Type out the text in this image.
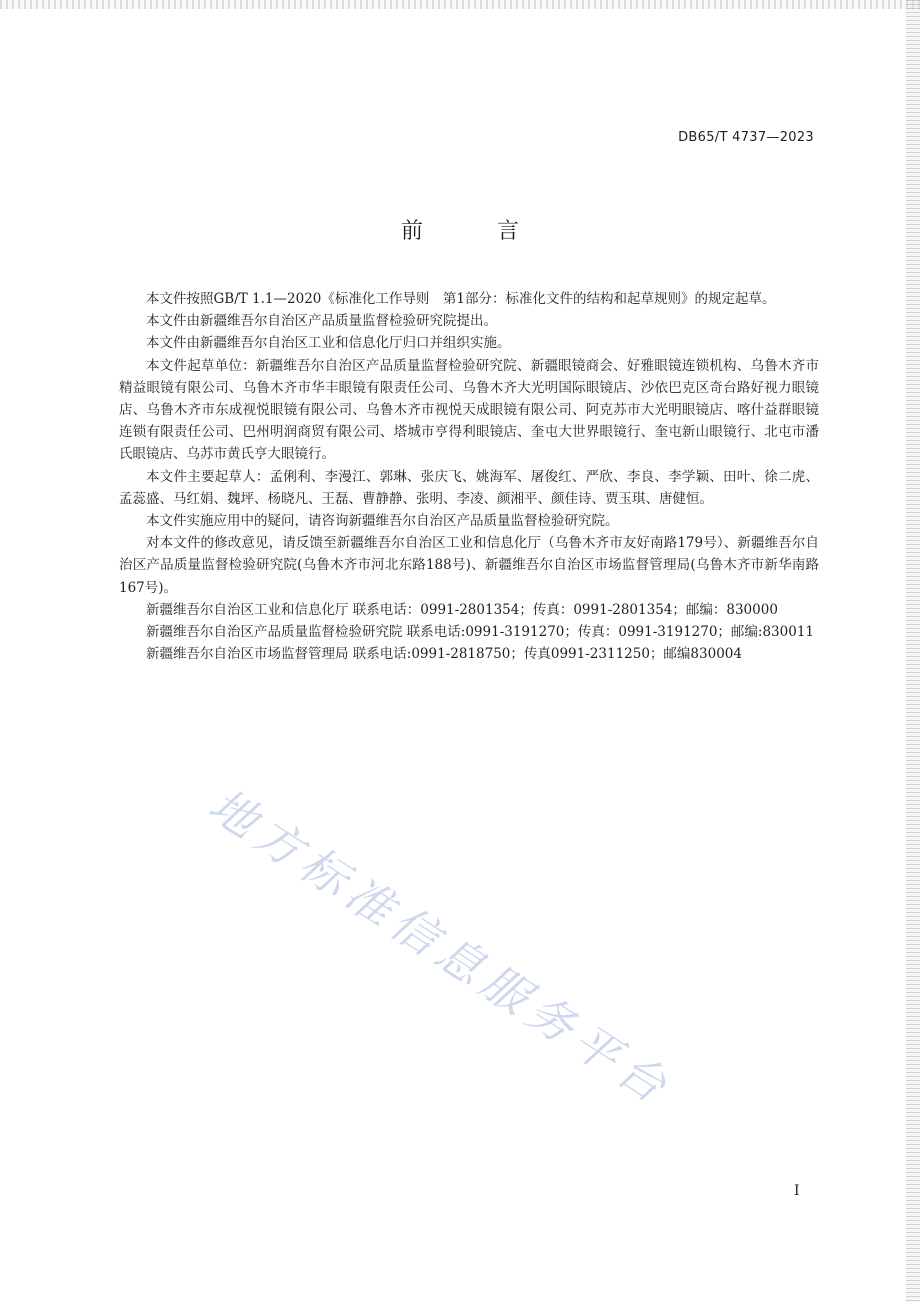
DB65/T 4737—2023
前　言

本文件按照GB/T 1.1—2020《标准化工作导则　第1部分：标准化文件的结构和起草规则》的规定起草。

本文件由新疆维吾尔自治区产品质量监督检验研究院提出。

本文件由新疆维吾尔自治区工业和信息化厅归口并组织实施。

本文件起草单位：新疆维吾尔自治区产品质量监督检验研究院、新疆眼镜商会、好雅眼镜连锁机构、乌鲁木齐市精益眼镜有限公司、乌鲁木齐市华丰眼镜有限责任公司、乌鲁木齐大光明国际眼镜店、沙依巴克区奇台路好视力眼镜店、乌鲁木齐市东成视悦眼镜有限公司、乌鲁木齐市视悦天成眼镜有限公司、阿克苏市大光明眼镜店、喀什益群眼镜连锁有限责任公司、巴州明润商贸有限公司、塔城市亨得利眼镜店、奎屯大世界眼镜行、奎屯新山眼镜行、北屯市潘氏眼镜店、乌苏市黄氏亨大眼镜行。

本文件主要起草人：孟俐利、李漫江、郭琳、张庆飞、姚海军、屠俊红、严欣、李良、李学颖、田叶、徐二虎、孟蕊盛、马红娟、魏坪、杨晓凡、王磊、曹静静、张明、李凌、颜湘平、颜佳诗、贾玉琪、唐健恒。

本文件实施应用中的疑问，请咨询新疆维吾尔自治区产品质量监督检验研究院。

对本文件的修改意见，请反馈至新疆维吾尔自治区工业和信息化厅（乌鲁木齐市友好南路179号）、新疆维吾尔自治区产品质量监督检验研究院(乌鲁木齐市河北东路188号)、新疆维吾尔自治区市场监督管理局(乌鲁木齐市新华南路167号)。

新疆维吾尔自治区工业和信息化厅 联系电话：0991-2801354；传真：0991-2801354；邮编：830000

新疆维吾尔自治区产品质量监督检验研究院 联系电话:0991-3191270；传真：0991-3191270；邮编:830011

新疆维吾尔自治区市场监督管理局 联系电话:0991-2818750；传真0991-2311250；邮编830004

地方标准信息服务平台
I
